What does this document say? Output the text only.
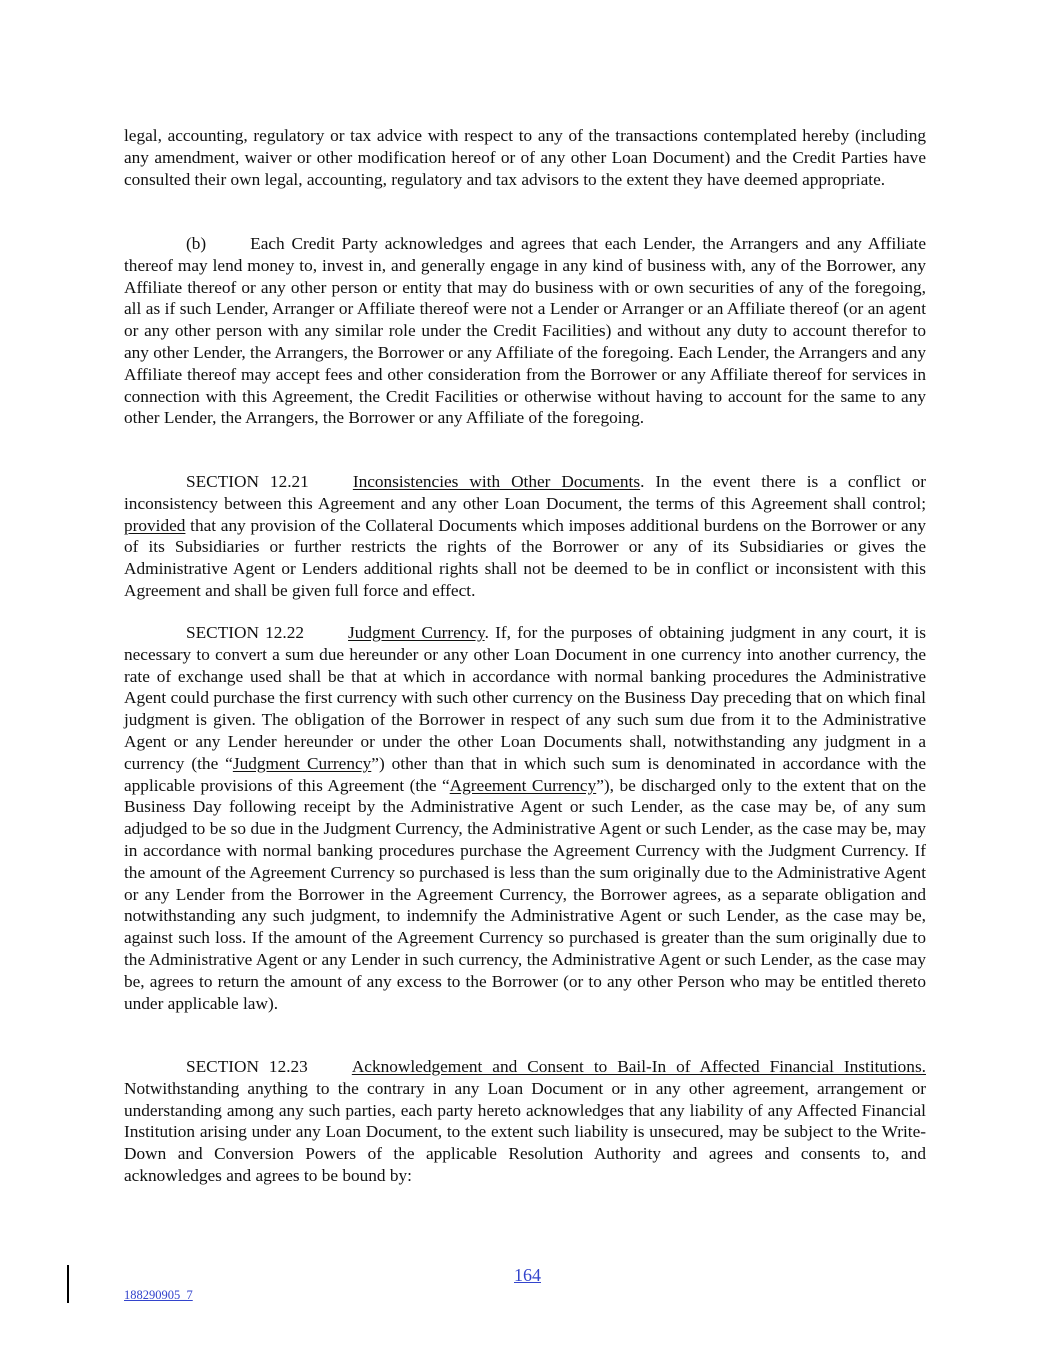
legal, accounting, regulatory or tax advice with respect to any of the transactions contemplated hereby (including any amendment, waiver or other modification hereof or of any other Loan Document) and the Credit Parties have consulted their own legal, accounting, regulatory and tax advisors to the extent they have deemed appropriate.

(b)	Each Credit Party acknowledges and agrees that each Lender, the Arrangers and any Affiliate thereof may lend money to, invest in, and generally engage in any kind of business with, any of the Borrower, any Affiliate thereof or any other person or entity that may do business with or own securities of any of the foregoing, all as if such Lender, Arranger or Affiliate thereof were not a Lender or Arranger or an Affiliate thereof (or an agent or any other person with any similar role under the Credit Facilities) and without any duty to account therefor to any other Lender, the Arrangers, the Borrower or any Affiliate of the foregoing. Each Lender, the Arrangers and any Affiliate thereof may accept fees and other consideration from the Borrower or any Affiliate thereof for services in connection with this Agreement, the Credit Facilities or otherwise without having to account for the same to any other Lender, the Arrangers, the Borrower or any Affiliate of the foregoing.

SECTION 12.21	Inconsistencies with Other Documents. In the event there is a conflict or inconsistency between this Agreement and any other Loan Document, the terms of this Agreement shall control; provided that any provision of the Collateral Documents which imposes additional burdens on the Borrower or any of its Subsidiaries or further restricts the rights of the Borrower or any of its Subsidiaries or gives the Administrative Agent or Lenders additional rights shall not be deemed to be in conflict or inconsistent with this Agreement and shall be given full force and effect.

SECTION 12.22	Judgment Currency. If, for the purposes of obtaining judgment in any court, it is necessary to convert a sum due hereunder or any other Loan Document in one currency into another currency, the rate of exchange used shall be that at which in accordance with normal banking procedures the Administrative Agent could purchase the first currency with such other currency on the Business Day preceding that on which final judgment is given. The obligation of the Borrower in respect of any such sum due from it to the Administrative Agent or any Lender hereunder or under the other Loan Documents shall, notwithstanding any judgment in a currency (the “Judgment Currency”) other than that in which such sum is denominated in accordance with the applicable provisions of this Agreement (the “Agreement Currency”), be discharged only to the extent that on the Business Day following receipt by the Administrative Agent or such Lender, as the case may be, of any sum adjudged to be so due in the Judgment Currency, the Administrative Agent or such Lender, as the case may be, may in accordance with normal banking procedures purchase the Agreement Currency with the Judgment Currency. If the amount of the Agreement Currency so purchased is less than the sum originally due to the Administrative Agent or any Lender from the Borrower in the Agreement Currency, the Borrower agrees, as a separate obligation and notwithstanding any such judgment, to indemnify the Administrative Agent or such Lender, as the case may be, against such loss. If the amount of the Agreement Currency so purchased is greater than the sum originally due to the Administrative Agent or any Lender in such currency, the Administrative Agent or such Lender, as the case may be, agrees to return the amount of any excess to the Borrower (or to any other Person who may be entitled thereto under applicable law).

SECTION 12.23	Acknowledgement and Consent to Bail-In of Affected Financial Institutions. Notwithstanding anything to the contrary in any Loan Document or in any other agreement, arrangement or understanding among any such parties, each party hereto acknowledges that any liability of any Affected Financial Institution arising under any Loan Document, to the extent such liability is unsecured, may be subject to the Write-Down and Conversion Powers of the applicable Resolution Authority and agrees and consents to, and acknowledges and agrees to be bound by:

164
188290905_7
